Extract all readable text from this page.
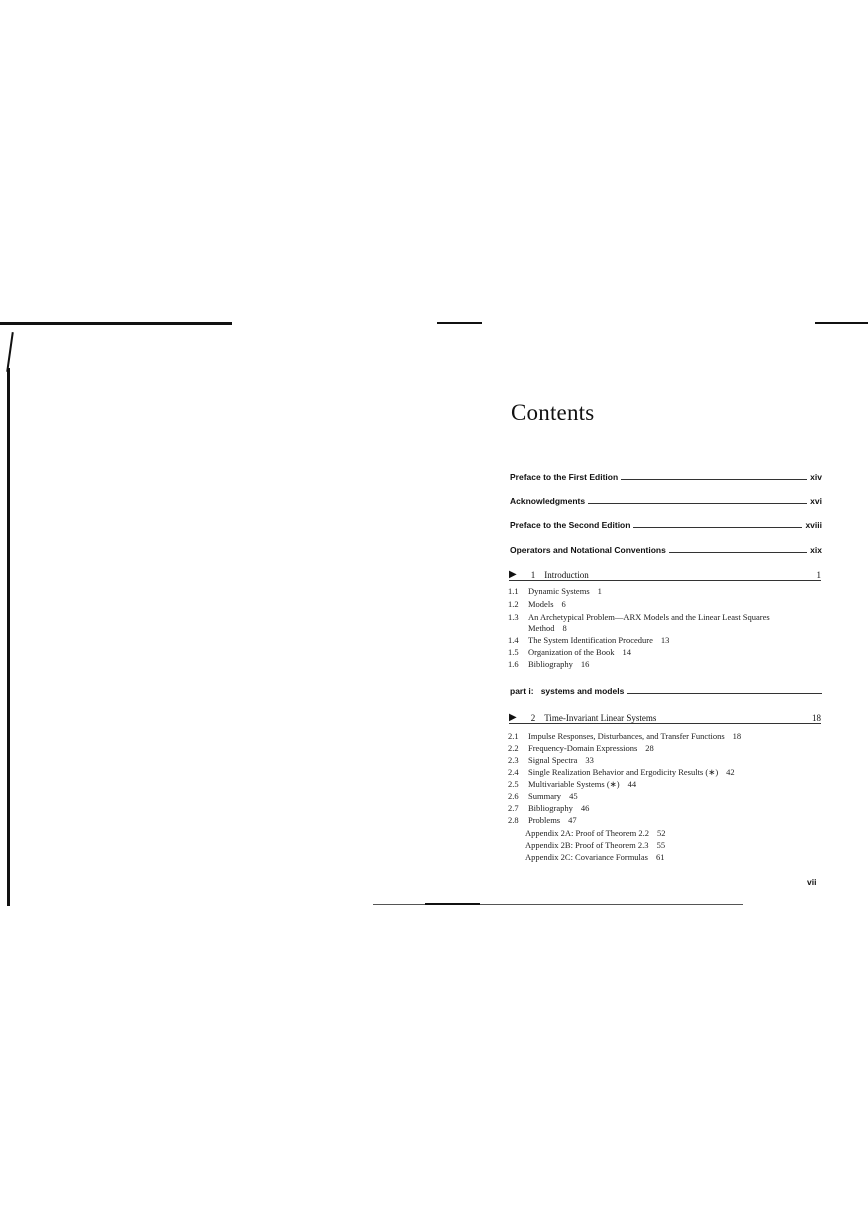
Contents
Preface to the First Edition	xiv
Acknowledgments	xvi
Preface to the Second Edition	xviii
Operators and Notational Conventions	xix
▶ 1 Introduction	1
1.1 Dynamic Systems 1
1.2 Models 6
1.3 An Archetypical Problem—ARX Models and the Linear Least Squares
Method 8
1.4 The System Identification Procedure 13
1.5 Organization of the Book 14
1.6 Bibliography 16
part i:   systems and models
▶ 2 Time-Invariant Linear Systems	18
2.1 Impulse Responses, Disturbances, and Transfer Functions 18
2.2 Frequency-Domain Expressions 28
2.3 Signal Spectra 33
2.4 Single Realization Behavior and Ergodicity Results (∗) 42
2.5 Multivariable Systems (∗) 44
2.6 Summary 45
2.7 Bibliography 46
2.8 Problems 47
Appendix 2A: Proof of Theorem 2.2 52
Appendix 2B: Proof of Theorem 2.3 55
Appendix 2C: Covariance Formulas 61
vii
